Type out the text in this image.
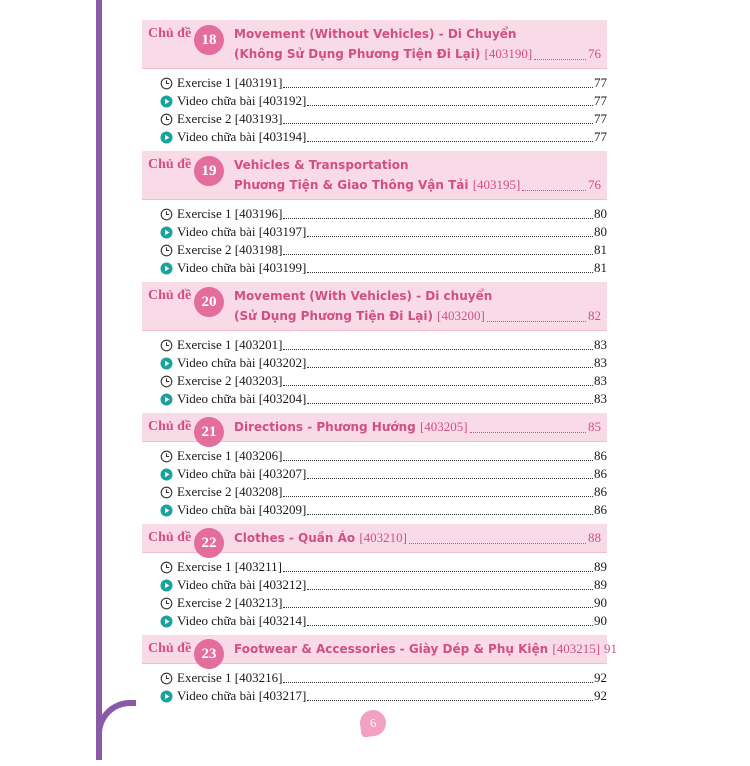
18
Chủ đề	Movement (Without Vehicles) - Di Chuyển
(Không Sử Dụng Phương Tiện Đi Lại) [403190]	76
Exercise 1 [403191]	77
Video chữa bài [403192]	77
Exercise 2 [403193]	77
Video chữa bài [403194]	77
19
Chủ đề	Vehicles & Transportation
Phương Tiện & Giao Thông Vận Tải [403195]	76
Exercise 1 [403196]	80
Video chữa bài [403197]	80
Exercise 2 [403198]	81
Video chữa bài [403199]	81
20
Chủ đề	Movement (With Vehicles) - Di chuyển
(Sử Dụng Phương Tiện Đi Lại) [403200]	82
Exercise 1 [403201]	83
Video chữa bài [403202]	83
Exercise 2 [403203]	83
Video chữa bài [403204]	83
21
Chủ đề	Directions - Phương Hướng [403205]	85
Exercise 1 [403206]	86
Video chữa bài [403207]	86
Exercise 2 [403208]	86
Video chữa bài [403209]	86
22
Chủ đề	Clothes - Quần Áo [403210]	88
Exercise 1 [403211]	89
Video chữa bài [403212]	89
Exercise 2 [403213]	90
Video chữa bài [403214]	90
23
Chủ đề	Footwear & Accessories - Giày Dép & Phụ Kiện [403215] 91
Exercise 1 [403216]	92
Video chữa bài [403217]	92
6
